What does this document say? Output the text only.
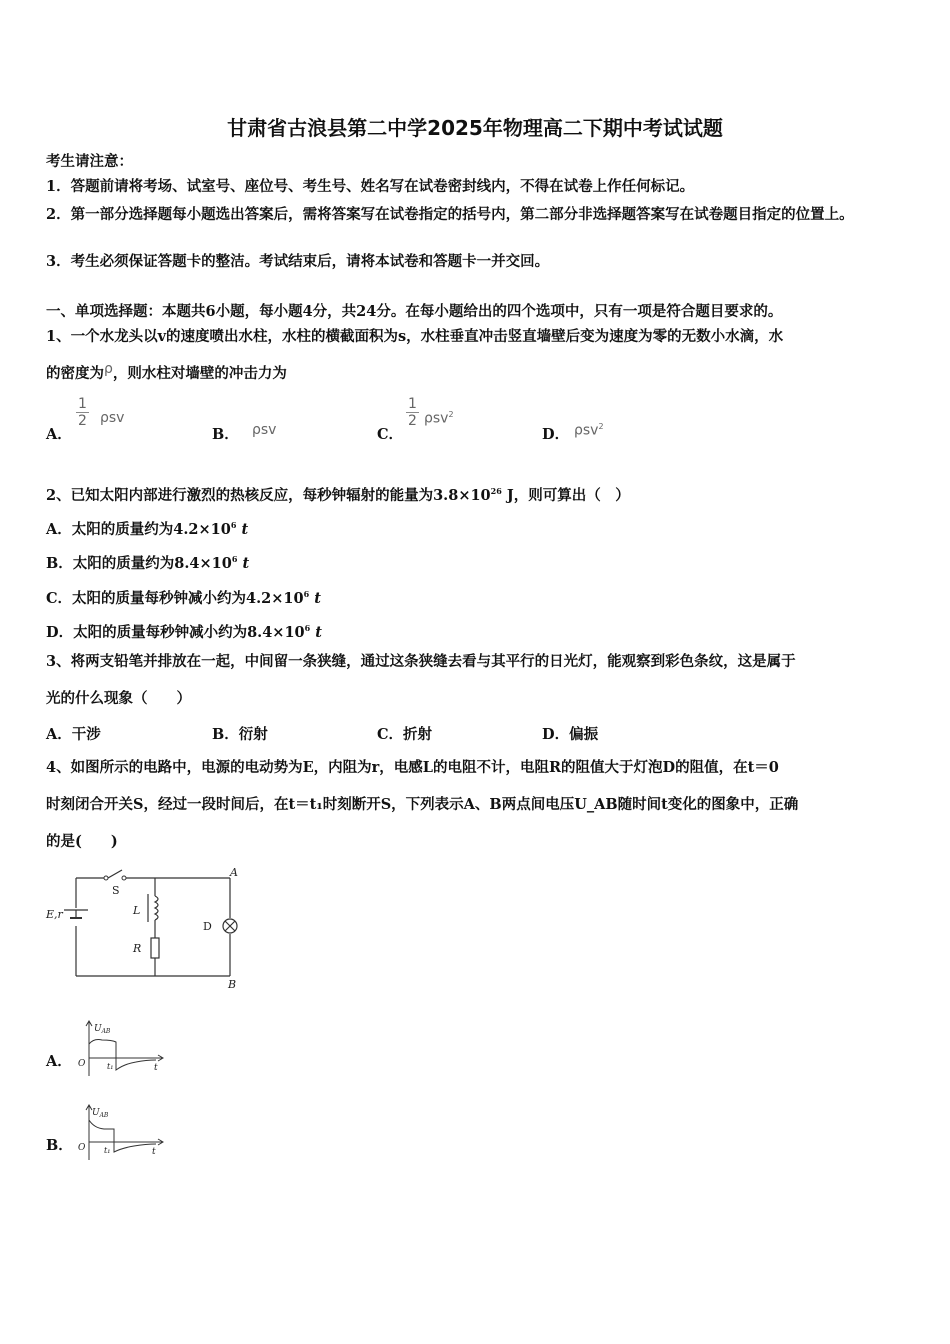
甘肃省古浪县第二中学2025年物理高二下期中考试试题
考生请注意：
1．答题前请将考场、试室号、座位号、考生号、姓名写在试卷密封线内，不得在试卷上作任何标记。
2．第一部分选择题每小题选出答案后，需将答案写在试卷指定的括号内，第二部分非选择题答案写在试卷题目指定的位置上。
3．考生必须保证答题卡的整洁。考试结束后，请将本试卷和答题卡一并交回。
一、单项选择题：本题共6小题，每小题4分，共24分。在每小题给出的四个选项中，只有一项是符合题目要求的。
1、一个水龙头以v的速度喷出水柱，水柱的横截面积为s，水柱垂直冲击竖直墙壁后变为速度为零的无数小水滴，水
的密度为ρ，则水柱对墙壁的冲击力为
A．
$\frac{1}{2}$ ρsv
B． ρsv	C．
$\frac{1}{2} \rho sv^2$
D． ρsv$^2$
2、已知太阳内部进行激烈的热核反应，每秒钟辐射的能量为$3.8\times 10^{26}$ J，则可算出（　）
A．太阳的质量约为$4.2\times 10^6$ t
B．太阳的质量约为$8.4\times 10^6$ t
C．太阳的质量每秒钟减小约为$4.2\times 10^6$ t
D．太阳的质量每秒钟减小约为$8.4\times 10^6$ t
3、将两支铅笔并排放在一起，中间留一条狭缝，通过这条狭缝去看与其平行的日光灯，能观察到彩色条纹，这是属于
光的什么现象（　　）
A．干涉	B．衍射	C．折射	D．偏振
4、如图所示的电路中，电源的电动势为E，内阻为r，电感L的电阻不计，电阻R的阻值大于灯泡D的阻值，在t＝0
时刻闭合开关S，经过一段时间后，在t＝t₁时刻断开S，下列表示A、B两点间电压U_AB随时间t变化的图象中，正确
的是(　　)
S
L
R
D
A
B
E,r
A．
$U_{AB}$
O	t₁	t
B．
$U_{AB}$
O t₁	t
